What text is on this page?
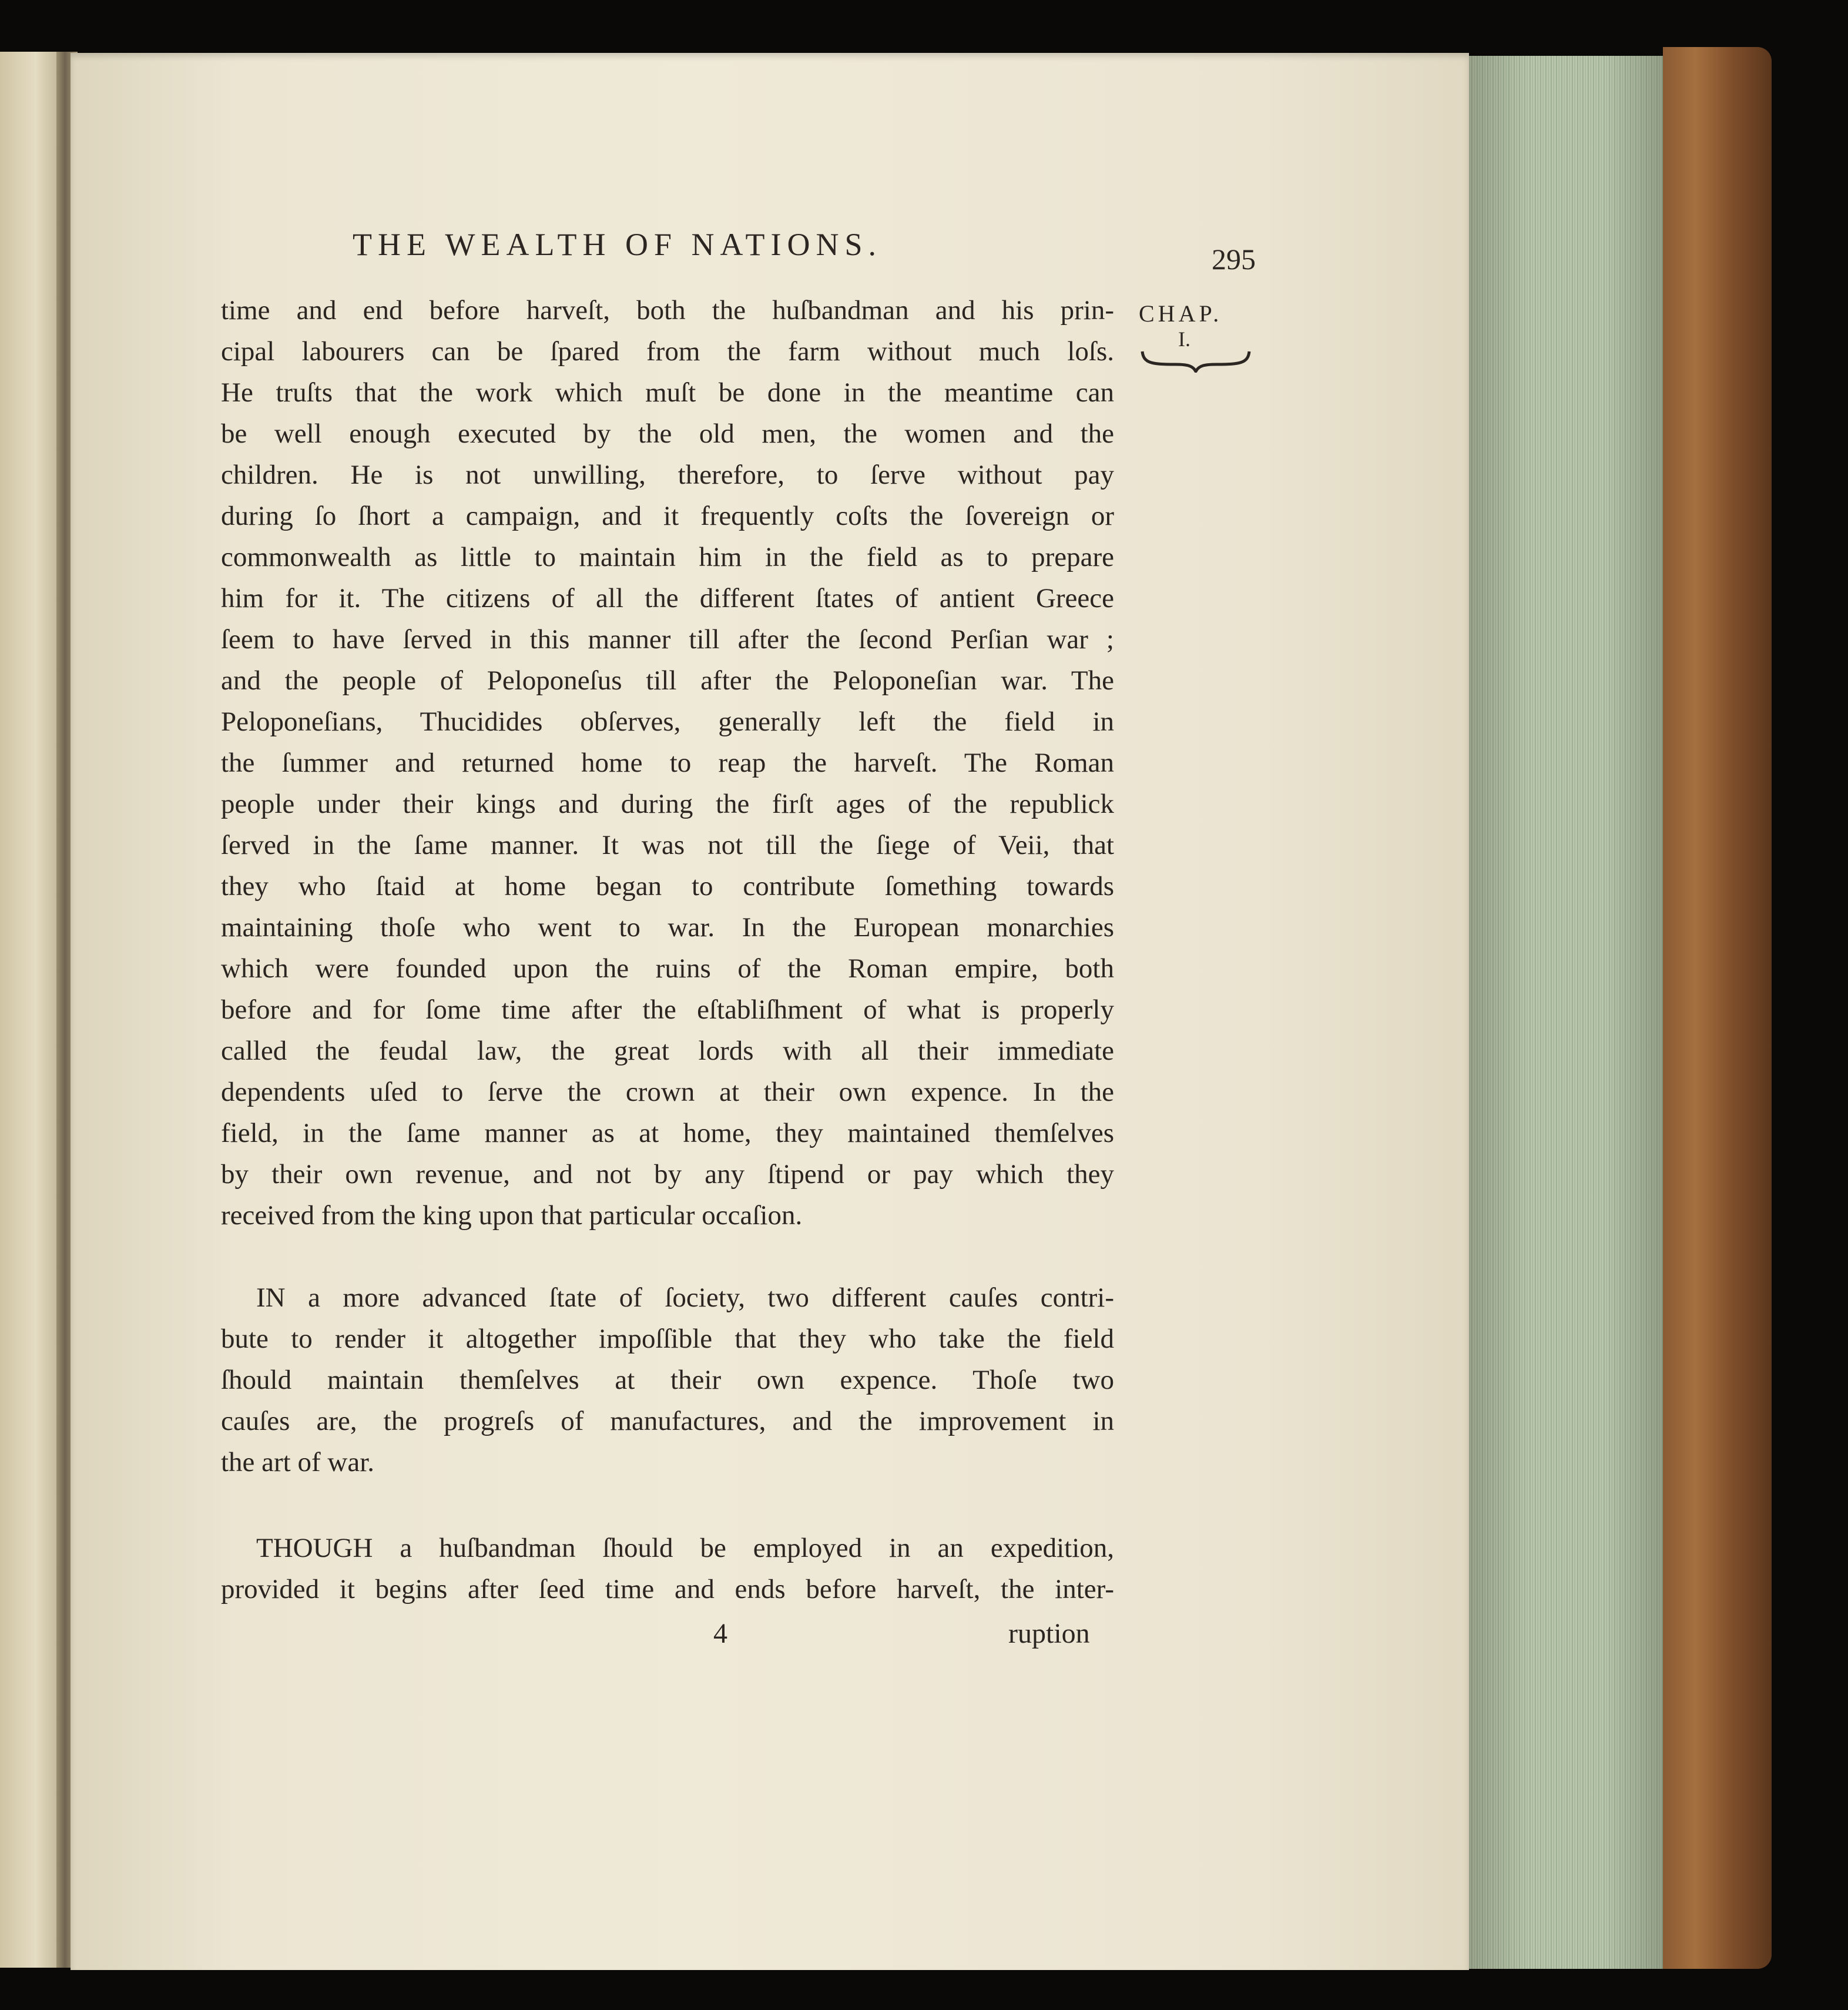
THE WEALTH OF NATIONS.	295
CHAP.
I.
time and end before harveſt, both the huſbandman and his prin-
cipal labourers can be ſpared from the farm without much loſs.
He truſts that the work which muſt be done in the meantime can
be well enough executed by the old men, the women and the
children. He is not unwilling, therefore, to ſerve without pay
during ſo ſhort a campaign, and it frequently coſts the ſovereign or
commonwealth as little to maintain him in the field as to prepare
him for it. The citizens of all the different ſtates of antient Greece
ſeem to have ſerved in this manner till after the ſecond Perſian war ;
and the people of Peloponeſus till after the Peloponeſian war. The
Peloponeſians, Thucidides obſerves, generally left the field in
the ſummer and returned home to reap the harveſt. The Roman
people under their kings and during the firſt ages of the republick
ſerved in the ſame manner. It was not till the ſiege of Veii, that
they who ſtaid at home began to contribute ſomething towards
maintaining thoſe who went to war. In the European monarchies
which were founded upon the ruins of the Roman empire, both
before and for ſome time after the eſtabliſhment of what is properly
called the feudal law, the great lords with all their immediate
dependents uſed to ſerve the crown at their own expence. In the
field, in the ſame manner as at home, they maintained themſelves
by their own revenue, and not by any ſtipend or pay which they
received from the king upon that particular occaſion.
IN a more advanced ſtate of ſociety, two different cauſes contri-
bute to render it altogether impoſſible that they who take the field
ſhould maintain themſelves at their own expence. Thoſe two
cauſes are, the progreſs of manufactures, and the improvement in
the art of war.
THOUGH a huſbandman ſhould be employed in an expedition,
provided it begins after ſeed time and ends before harveſt, the inter-
4	ruption
